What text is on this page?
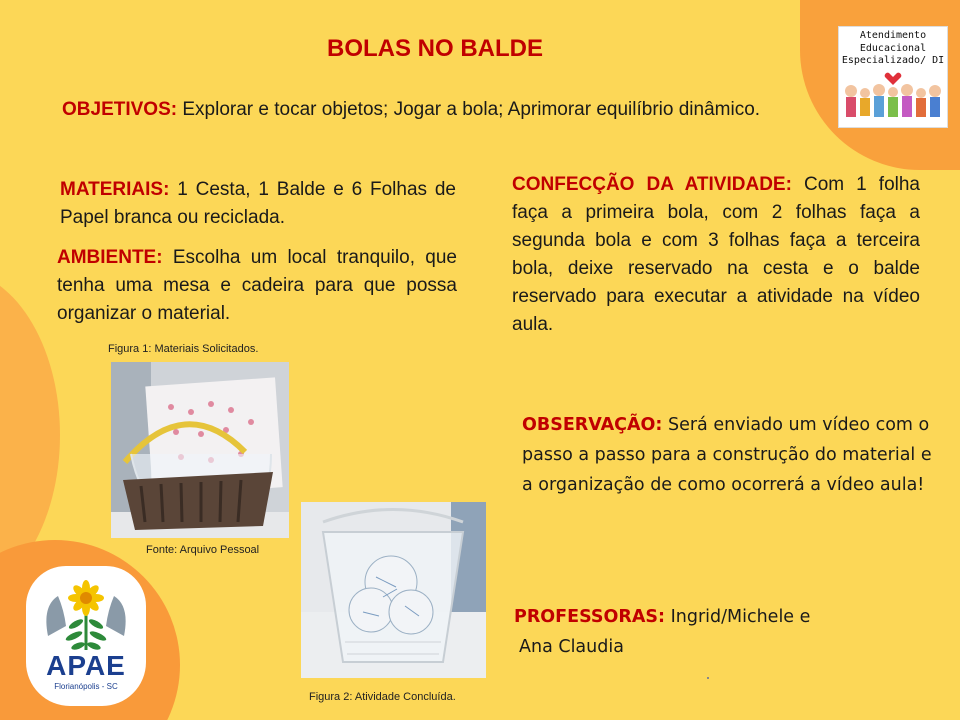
Atendimento
Educacional
Especializado/ DI
BOLAS NO BALDE

OBJETIVOS: Explorar e tocar objetos; Jogar a bola; Aprimorar equilíbrio dinâmico.

MATERIAIS: 1 Cesta, 1 Balde e 6 Folhas de Papel branca ou reciclada.

AMBIENTE: Escolha um local tranquilo, que tenha uma mesa e cadeira para que possa organizar o material.

CONFECÇÃO DA ATIVIDADE: Com 1 folha faça a primeira bola, com 2 folhas faça a segunda bola e com 3 folhas faça a terceira bola, deixe reservado na cesta e o balde reservado para executar a atividade na vídeo aula.

OBSERVAÇÃO: Será enviado um vídeo com o passo a passo para a construção do material e a organização de como ocorrerá a vídeo aula!

PROFESSORAS: Ingrid/Michele e
Ana Claudia

Figura 1: Materiais Solicitados.
Fonte: Arquivo Pessoal
Figura 2: Atividade Concluída.
APAE
Florianópolis - SC
